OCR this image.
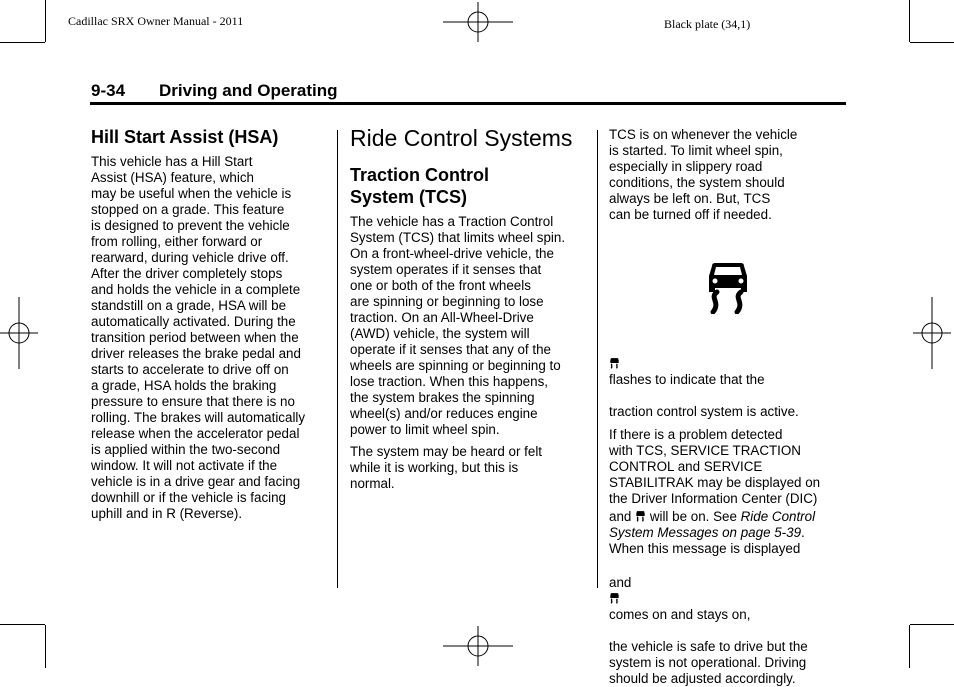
Cadillac SRX Owner Manual - 2011	Black plate (34,1)
9-34 Driving and Operating
Hill Start Assist (HSA)

This vehicle has a Hill Start
Assist (HSA) feature, which
may be useful when the vehicle is
stopped on a grade. This feature
is designed to prevent the vehicle
from rolling, either forward or
rearward, during vehicle drive off.
After the driver completely stops
and holds the vehicle in a complete
standstill on a grade, HSA will be
automatically activated. During the
transition period between when the
driver releases the brake pedal and
starts to accelerate to drive off on
a grade, HSA holds the braking
pressure to ensure that there is no
rolling. The brakes will automatically
release when the accelerator pedal
is applied within the two-second
window. It will not activate if the
vehicle is in a drive gear and facing
downhill or if the vehicle is facing
uphill and in R (Reverse).

Ride Control Systems
Traction Control
System (TCS)

The vehicle has a Traction Control
System (TCS) that limits wheel spin.
On a front-wheel-drive vehicle, the
system operates if it senses that
one or both of the front wheels
are spinning or beginning to lose
traction. On an All-Wheel-Drive
(AWD) vehicle, the system will
operate if it senses that any of the
wheels are spinning or beginning to
lose traction. When this happens,
the system brakes the spinning
wheel(s) and/or reduces engine
power to limit wheel spin.

The system may be heard or felt
while it is working, but this is
normal.

TCS is on whenever the vehicle
is started. To limit wheel spin,
especially in slippery road
conditions, the system should
always be left on. But, TCS
can be turned off if needed.

flashes to indicate that the

traction control system is active.

If there is a problem detected
with TCS, SERVICE TRACTION
CONTROL and SERVICE
STABILITRAK may be displayed on
the Driver Information Center (DIC)

and will be on. See Ride Control
System Messages on page 5-39.
When this message is displayed

and

comes on and stays on,

the vehicle is safe to drive but the
system is not operational. Driving
should be adjusted accordingly.
